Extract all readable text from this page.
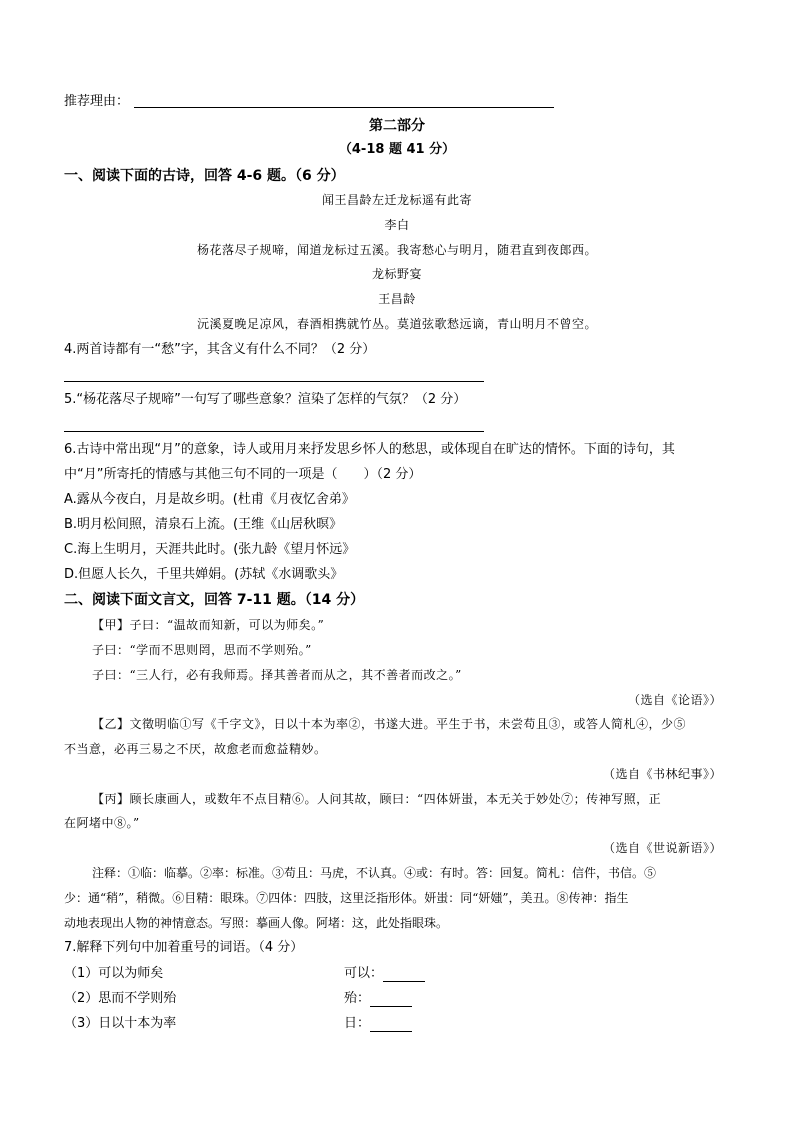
推荐理由：
第二部分
（4-18 题 41 分）
一、阅读下面的古诗，回答 4-6 题。（6 分）
闻王昌龄左迁龙标遥有此寄
李白
杨花落尽子规啼，闻道龙标过五溪。我寄愁心与明月，随君直到夜郎西。
龙标野宴
王昌龄
沅溪夏晚足凉风，春酒相携就竹丛。莫道弦歌愁远谪，青山明月不曾空。
4.两首诗都有一“愁”字，其含义有什么不同？（2 分）
5.“杨花落尽子规啼”一句写了哪些意象？渲染了怎样的气氛？（2 分）
6.古诗中常出现“月”的意象，诗人或用月来抒发思乡怀人的愁思，或体现自在旷达的情怀。下面的诗句，其
中“月”所寄托的情感与其他三句不同的一项是（　　）（2 分）
A.露从今夜白，月是故乡明。(杜甫《月夜忆舍弟》
B.明月松间照，清泉石上流。(王维《山居秋暝》
C.海上生明月，天涯共此时。(张九龄《望月怀远》
D.但愿人长久，千里共婵娟。(苏轼《水调歌头》
二、阅读下面文言文，回答 7-11 题。（14 分）
【甲】子曰：“温故而知新，可以为师矣。”
子曰：“学而不思则罔，思而不学则殆。”
子曰：“三人行，必有我师焉。择其善者而从之，其不善者而改之。”
（选自《论语》）
【乙】文徵明临①写《千字文》，日以十本为率②，书遂大进。平生于书，未尝苟且③，或答人简札④，少⑤
不当意，必再三易之不厌，故愈老而愈益精妙。
（选自《书林纪事》）
【丙】顾长康画人，或数年不点目精⑥。人问其故，顾曰：“四体妍蚩，本无关于妙处⑦；传神写照，正
在阿堵中⑧。”
（选自《世说新语》）
注释：①临：临摹。②率：标准。③苟且：马虎，不认真。④或：有时。答：回复。简札：信件，书信。⑤
少：通“稍”，稍微。⑥目精：眼珠。⑦四体：四肢，这里泛指形体。妍蚩：同“妍媸”，美丑。⑧传神：指生
动地表现出人物的神情意态。写照：摹画人像。阿堵：这，此处指眼珠。
7.解释下列句中加着重号的词语。（4 分）
（1）可以为师矣	可以：
（2）思而不学则殆	殆：
（3）日以十本为率	日：
